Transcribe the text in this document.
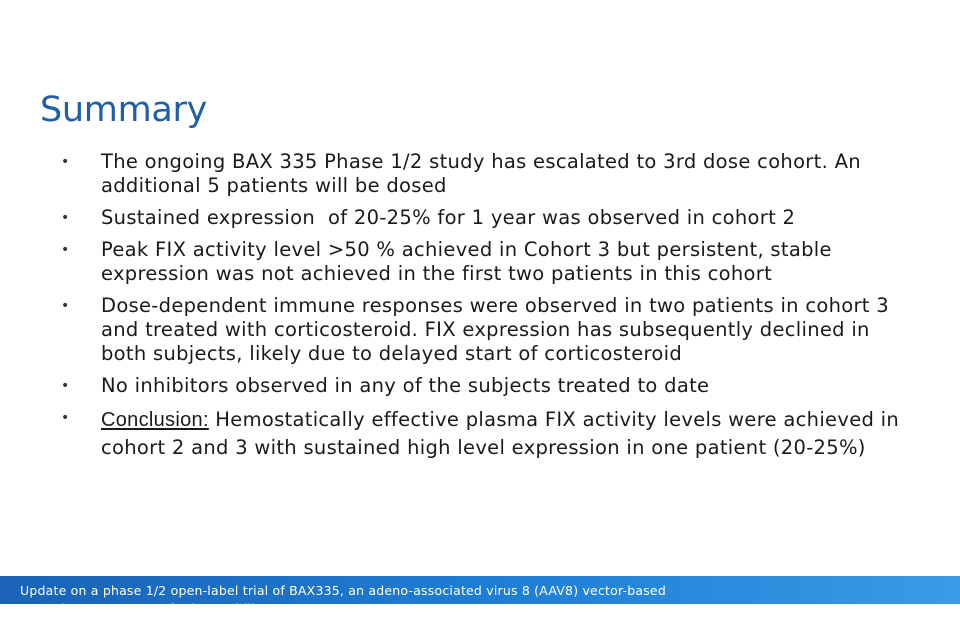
Summary
• The ongoing BAX 335 Phase 1/2 study has escalated to 3rd dose cohort. An additional 5 patients will be dosed
• Sustained expression  of 20-25% for 1 year was observed in cohort 2
• Peak FIX activity level >50 % achieved in Cohort 3 but persistent, stable expression was not achieved in the first two patients in this cohort
• Dose-dependent immune responses were observed in two patients in cohort 3 and treated with corticosteroid. FIX expression has subsequently declined in both subjects, likely due to delayed start of corticosteroid
• No inhibitors observed in any of the subjects treated to date
• Conclusion: Hemostatically effective plasma FIX activity levels were achieved in cohort 2 and 3 with sustained high level expression in one patient (20-25%)

Update on a phase 1/2 open-label trial of BAX335, an adeno-associated virus 8 (AAV8) vector-based gene therapy program for hemophilia B. ISTH 2015 Congress, Toronto, June 20-25
